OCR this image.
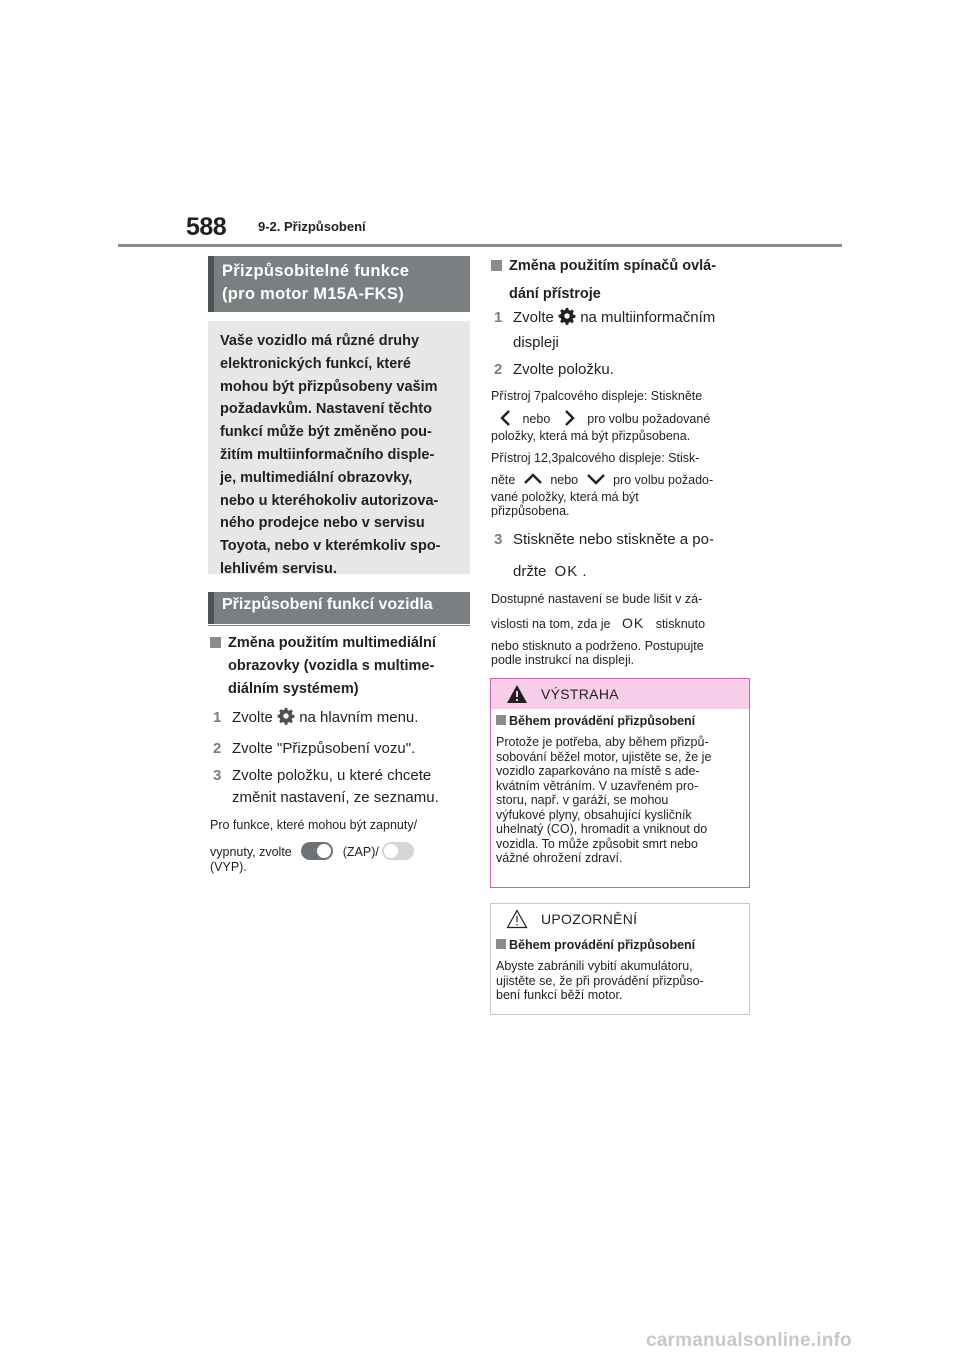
588 9-2. Přizpůsobení
Přizpůsobitelné funkce
(pro motor M15A-FKS)
Vaše vozidlo má různé druhy
elektronických funkcí, které
mohou být přizpůsobeny vašim
požadavkům. Nastavení těchto
funkcí může být změněno pou-
žitím multiinformačního disple-
je, multimediální obrazovky,
nebo u kteréhokoliv autorizova-
ného prodejce nebo v servisu
Toyota, nebo v kterémkoliv spo-
lehlivém servisu.
Přizpůsobení funkcí vozidla
Změna použitím multimediální
obrazovky (vozidla s multime-
diálním systémem)
1 Zvolte na hlavním menu.
2 Zvolte "Přizpůsobení vozu".
3 Zvolte položku, u které chcete
změnit nastavení, ze seznamu.
Pro funkce, které mohou být zapnuty/
vypnuty, zvolte	(ZAP)/
(VYP).
Změna použitím spínačů ovlá-
dání přístroje
1 Zvolte na multiinformačním
displeji
2 Zvolte položku.
Přístroj 7palcového displeje: Stiskněte
nebo	pro volbu požadované
položky, která má být přizpůsobena.
Přístroj 12,3palcového displeje: Stisk-
něte	nebo	pro volbu požado-
vané položky, která má být
přizpůsobena.
3 Stiskněte nebo stiskněte a po-
držte OK .
Dostupné nastavení se bude lišit v zá-
vislosti na tom, zda je OK stisknuto
nebo stisknuto a podrženo. Postupujte
podle instrukcí na displeji.
VÝSTRAHA
Během provádění přizpůsobení
Protože je potřeba, aby během přizpů-
sobování běžel motor, ujistěte se, že je
vozidlo zaparkováno na místě s ade-
kvátním větráním. V uzavřeném pro-
storu, např. v garáži, se mohou
výfukové plyny, obsahující kysličník
uhelnatý (CO), hromadit a vniknout do
vozidla. To může způsobit smrt nebo
vážné ohrožení zdraví.
UPOZORNĚNÍ
Během provádění přizpůsobení
Abyste zabránili vybití akumulátoru,
ujistěte se, že při provádění přizpůso-
bení funkcí běží motor.
carmanualsonline.info
